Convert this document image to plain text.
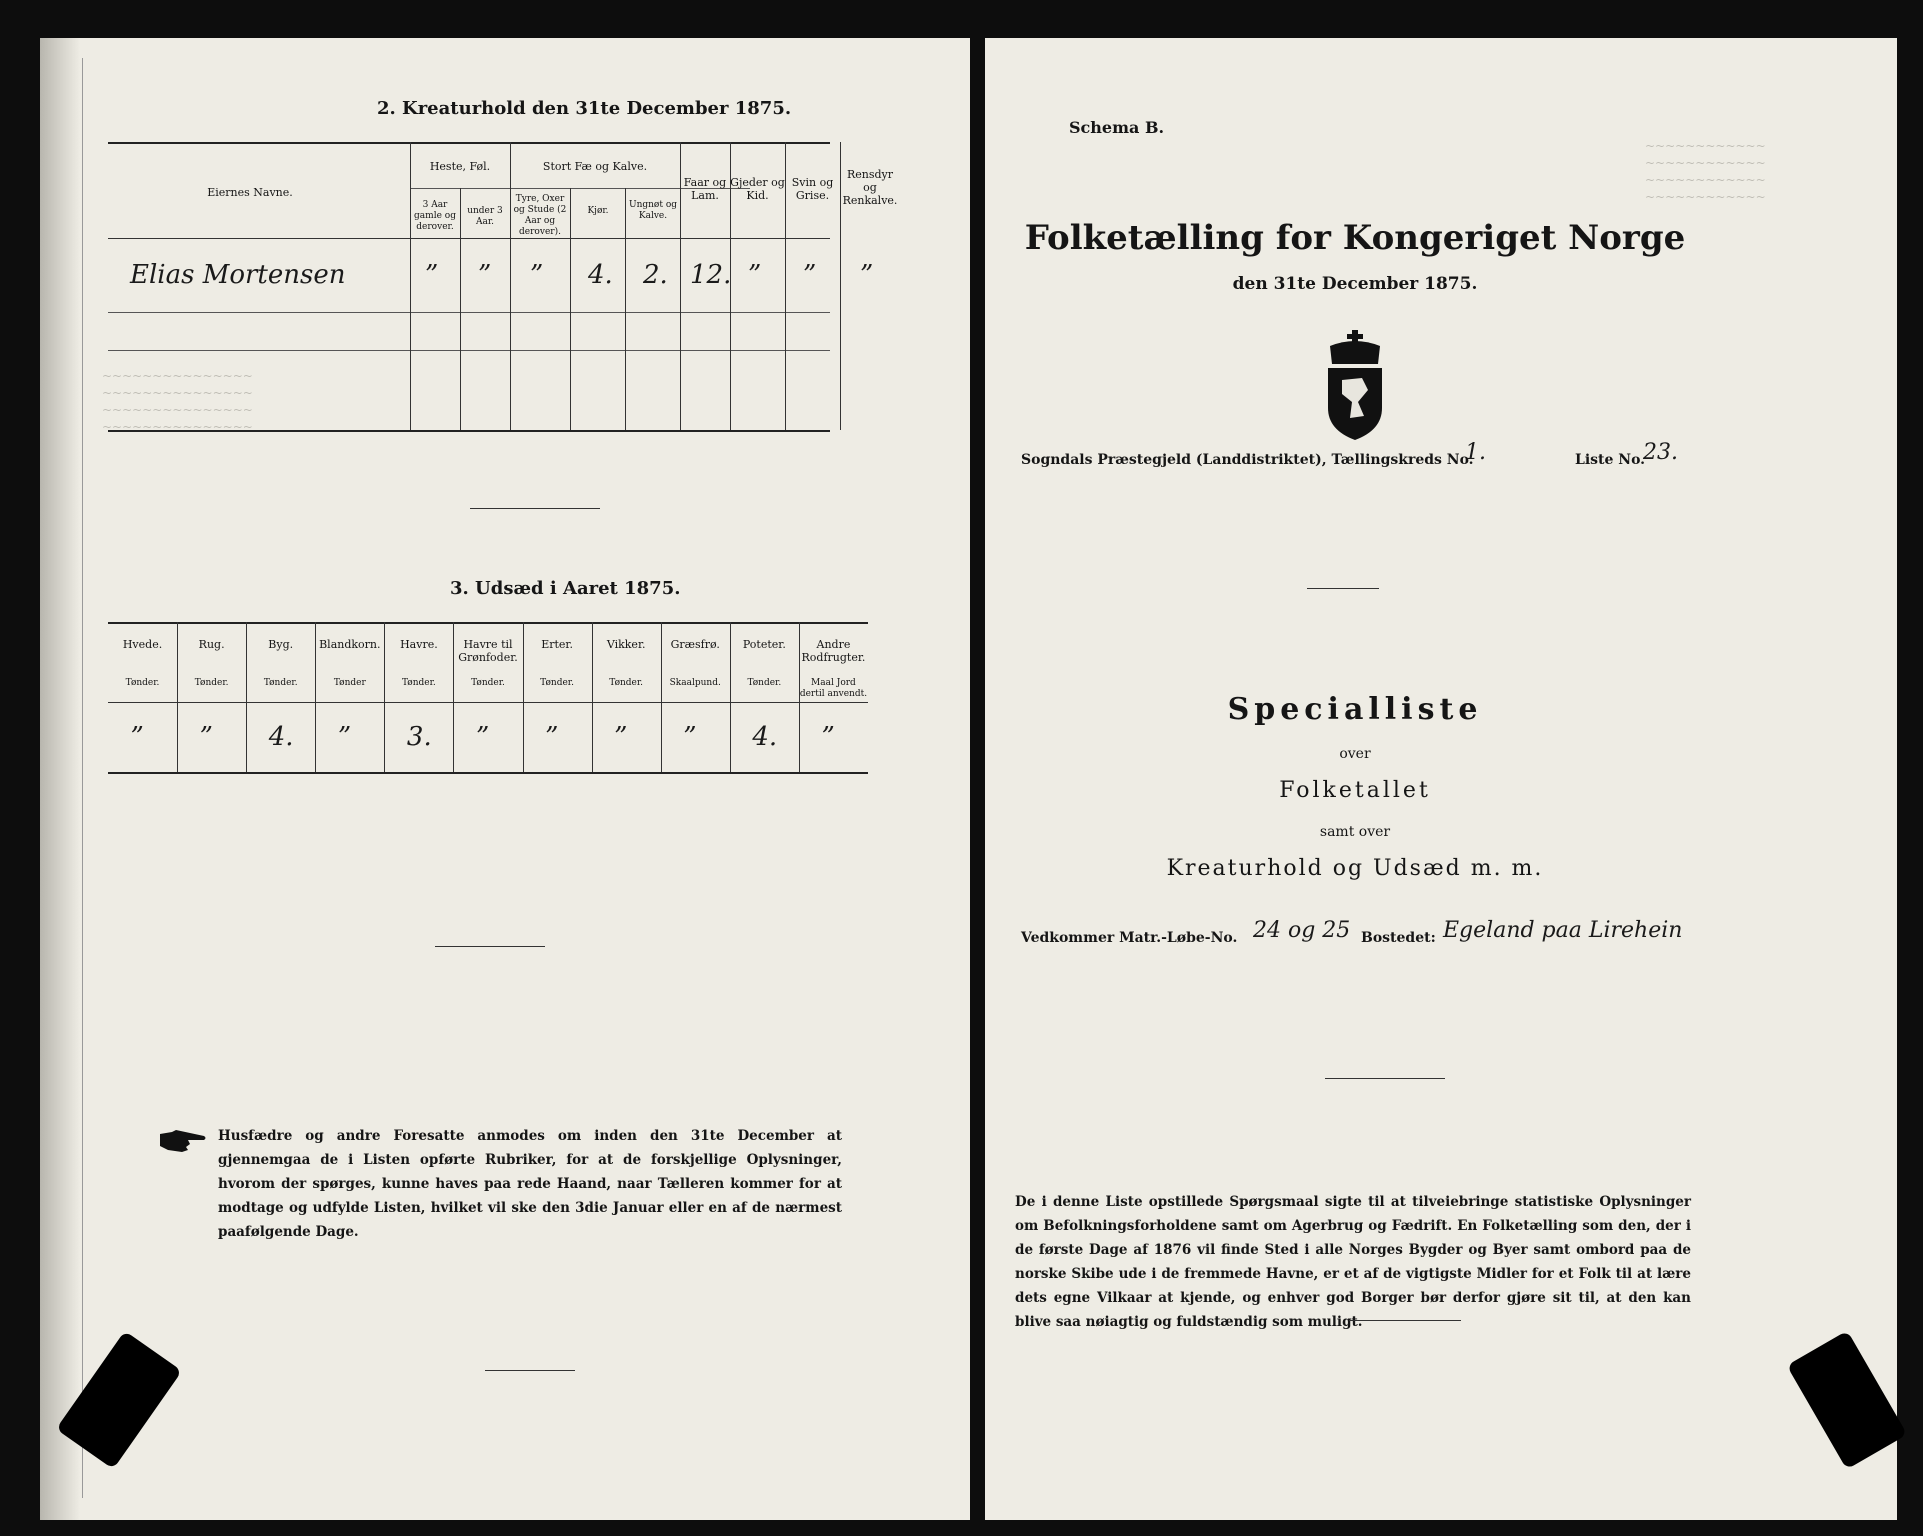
~~~~~~~~~~~~~~~
~~~~~~~~~~~~~~~
~~~~~~~~~~~~~~~
~~~~~~~~~~~~~~~
2. Kreaturhold den 31te December 1875.
Eiernes Navne.
Heste, Føl.
3 Aar gamle og derover.
under 3 Aar.
Stort Fæ og Kalve.
Tyre, Oxer og Stude (2 Aar og derover).
Kjør.
Ungnøt og Kalve.
Faar og Lam.
Gjeder og Kid.
Svin og Grise.
Rensdyr og Renkalve.
Elias Mortensen	” ” ” 4. 2. 12. ” ” ”
3. Udsæd i Aaret 1875.
Hvede.
Tønder.
”
Rug.
Tønder.
”
Byg.
Tønder.
4.
Blandkorn.
Tønder
”
Havre.
Tønder.
3.
Havre til Grønfoder.
Tønder.
”
Erter.
Tønder.
”
Vikker.
Tønder.
”
Græsfrø.
Skaalpund.
”
Poteter.
Tønder.
4.
Andre Rodfrugter.
Maal Jord dertil anvendt.
”
Husfædre og andre Foresatte anmodes om inden den 31te December at gjennemgaa de i Listen opførte Rubriker, for at de forskjellige Oplysninger, hvorom der spørges, kunne haves paa rede Haand, naar Tælleren kommer for at modtage og udfylde Listen, hvilket vil ske den 3die Januar eller en af de nærmest paafølgende Dage.
~~~~~~~~~~~~
~~~~~~~~~~~~
~~~~~~~~~~~~
~~~~~~~~~~~~
Schema B.
Folketælling for Kongeriget Norge
den 31te December 1875.
Sogndals Præstegjeld (Landdistriktet), Tællingskreds No.
1.	Liste No.
23.
Specialliste
over
Folketallet
samt over
Kreaturhold og Udsæd m. m.
Vedkommer Matr.-Løbe-No. 24 og 25 Bostedet: Egeland paa Lirehein
De i denne Liste opstillede Spørgsmaal sigte til at tilveiebringe statistiske Oplysninger om Befolkningsforholdene samt om Agerbrug og Fædrift. En Folketælling som den, der i de første Dage af 1876 vil finde Sted i alle Norges Bygder og Byer samt ombord paa de norske Skibe ude i de fremmede Havne, er et af de vigtigste Midler for et Folk til at lære dets egne Vilkaar at kjende, og enhver god Borger bør derfor gjøre sit til, at den kan blive saa nøiagtig og fuldstændig som muligt.
